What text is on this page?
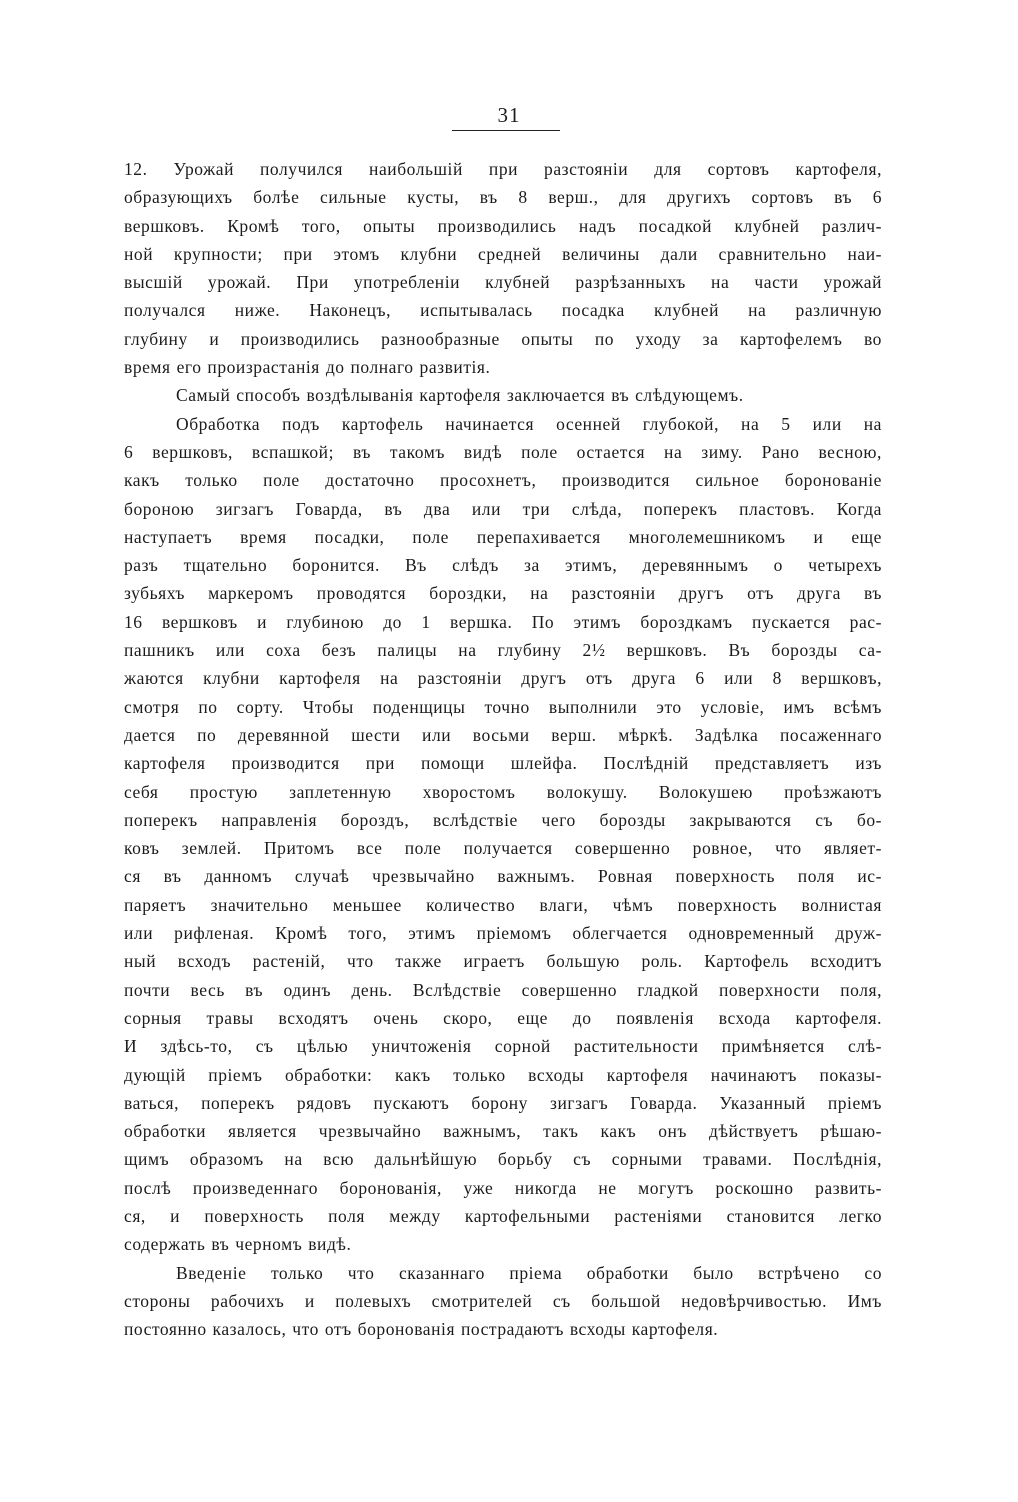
31
12. Урожай получился наибольшій при разстояніи для сортовъ картофеля,
образующихъ болѣе сильные кусты, въ 8 верш., для другихъ сортовъ въ 6
вершковъ. Кромѣ того, опыты производились надъ посадкой клубней различ-
ной крупности; при этомъ клубни средней величины дали сравнительно наи-
высшій урожай. При употребленіи клубней разрѣзанныхъ на части урожай
получался ниже. Наконецъ, испытывалась посадка клубней на различную
глубину и производились разнообразные опыты по уходу за картофелемъ во
время его произрастанія до полнаго развитія.
Самый способъ воздѣлыванія картофеля заключается въ слѣдующемъ.
Обработка подъ картофель начинается осенней глубокой, на 5 или на
6 вершковъ, вспашкой; въ такомъ видѣ поле остается на зиму. Рано весною,
какъ только поле достаточно просохнетъ, производится сильное боронованіе
бороною зигзагъ Говарда, въ два или три слѣда, поперекъ пластовъ. Когда
наступаетъ время посадки, поле перепахивается многолемешникомъ и еще
разъ тщательно боронится. Въ слѣдъ за этимъ, деревяннымъ о четырехъ
зубьяхъ маркеромъ проводятся бороздки, на разстояніи другъ отъ друга въ
16 вершковъ и глубиною до 1 вершка. По этимъ бороздкамъ пускается рас-
пашникъ или соха безъ палицы на глубину 2½ вершковъ. Въ борозды са-
жаются клубни картофеля на разстояніи другъ отъ друга 6 или 8 вершковъ,
смотря по сорту. Чтобы поденщицы точно выполнили это условіе, имъ всѣмъ
дается по деревянной шести или восьми верш. мѣркѣ. Задѣлка посаженнаго
картофеля производится при помощи шлейфа. Послѣдній представляетъ изъ
себя простую заплетенную хворостомъ волокушу. Волокушею проѣзжаютъ
поперекъ направленія бороздъ, вслѣдствіе чего борозды закрываются съ бо-
ковъ землей. Притомъ все поле получается совершенно ровное, что являет-
ся въ данномъ случаѣ чрезвычайно важнымъ. Ровная поверхность поля ис-
паряетъ значительно меньшее количество влаги, чѣмъ поверхность волнистая
или рифленая. Кромѣ того, этимъ пріемомъ облегчается одновременный друж-
ный всходъ растеній, что также играетъ большую роль. Картофель всходитъ
почти весь въ одинъ день. Вслѣдствіе совершенно гладкой поверхности поля,
сорныя травы всходятъ очень скоро, еще до появленія всхода картофеля.
И здѣсь-то, съ цѣлью уничтоженія сорной растительности примѣняется слѣ-
дующій пріемъ обработки: какъ только всходы картофеля начинаютъ показы-
ваться, поперекъ рядовъ пускаютъ борону зигзагъ Говарда. Указанный пріемъ
обработки является чрезвычайно важнымъ, такъ какъ онъ дѣйствуетъ рѣшаю-
щимъ образомъ на всю дальнѣйшую борьбу съ сорными травами. Послѣднія,
послѣ произведеннаго боронованія, уже никогда не могутъ роскошно развить-
ся, и поверхность поля между картофельными растеніями становится легко
содержать въ черномъ видѣ.
Введеніе только что сказаннаго пріема обработки было встрѣчено со
стороны рабочихъ и полевыхъ смотрителей съ большой недовѣрчивостью. Имъ
постоянно казалось, что отъ боронованія пострадаютъ всходы картофеля.
